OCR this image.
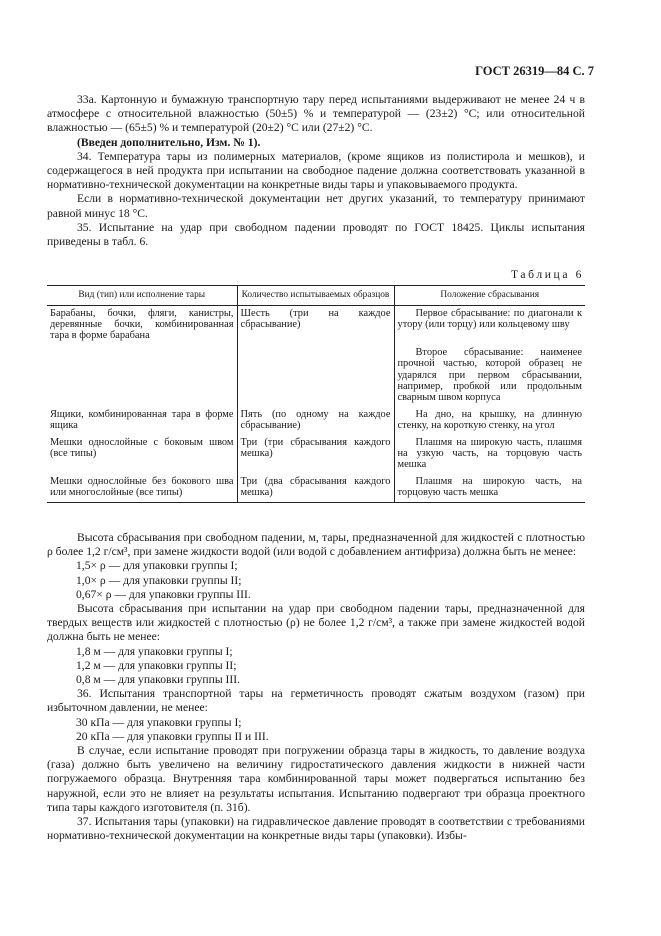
ГОСТ 26319—84 С. 7

33а. Картонную и бумажную транспортную тару перед испытаниями выдерживают не менее 24 ч в атмосфере с относительной влажностью (50±5) % и температурой — (23±2) °С; или относительной влажностью — (65±5) % и температурой (20±2) °С или (27±2) °С.

(Введен дополнительно, Изм. № 1).

34. Температура тары из полимерных материалов, (кроме ящиков из полистирола и мешков), и содержащегося в ней продукта при испытании на свободное падение должна соответствовать указанной в нормативно-технической документации на конкретные виды тары и упаковываемого продукта.

Если в нормативно-технической документации нет других указаний, то температуру принимают равной минус 18 °С.

35. Испытание на удар при свободном падении проводят по ГОСТ 18425. Циклы испытания приведены в табл. 6.

Таблица 6
Вид (тип) или исполнение тары	Количество испытываемых образцов	Положение сбрасывания
Барабаны, бочки, фляги, канистры, деревянные бочки, комбинированная тара в форме барабана	Шесть (три на каждое сбрасывание)	Первое сбрасывание: по диагонали к утору (или торцу) или кольцевому шву
		Второе сбрасывание: наименее прочной частью, которой образец не ударялся при первом сбрасывании, например, пробкой или продольным сварным швом корпуса
Ящики, комбинированная тара в форме ящика	Пять (по одному на каждое сбрасывание)	На дно, на крышку, на длинную стенку, на короткую стенку, на угол
Мешки однослойные с боковым швом (все типы)	Три (три сбрасывания каждого мешка)	Плашмя на широкую часть, плашмя на узкую часть, на торцовую часть мешка
Мешки однослойные без бокового шва или многослойные (все типы)	Три (два сбрасывания каждого мешка)	Плашмя на широкую часть, на торцовую часть мешка

Высота сбрасывания при свободном падении, м, тары, предназначенной для жидкостей с плотностью ρ более 1,2 г/см³, при замене жидкости водой (или водой с добавлением антифриза) должна быть не менее:

1,5× ρ — для упаковки группы I;

1,0× ρ — для упаковки группы II;

0,67× ρ — для упаковки группы III.

Высота сбрасывания при испытании на удар при свободном падении тары, предназначенной для твердых веществ или жидкостей с плотностью (ρ) не более 1,2 г/см³, а также при замене жидкостей водой должна быть не менее:

1,8 м — для упаковки группы I;

1,2 м — для упаковки группы II;

0,8 м — для упаковки группы III.

36. Испытания транспортной тары на герметичность проводят сжатым воздухом (газом) при избыточном давлении, не менее:

30 кПа — для упаковки группы I;

20 кПа — для упаковки группы II и III.

В случае, если испытание проводят при погружении образца тары в жидкость, то давление воздуха (газа) должно быть увеличено на величину гидростатического давления жидкости в нижней части погружаемого образца. Внутренняя тара комбинированной тары может подвергаться испытанию без наружной, если это не влияет на результаты испытания. Испытанию подвергают три образца проектного типа тары каждого изготовителя (п. 31б).

37. Испытания тары (упаковки) на гидравлическое давление проводят в соответствии с требованиями нормативно-технической документации на конкретные виды тары (упаковки). Избы-
